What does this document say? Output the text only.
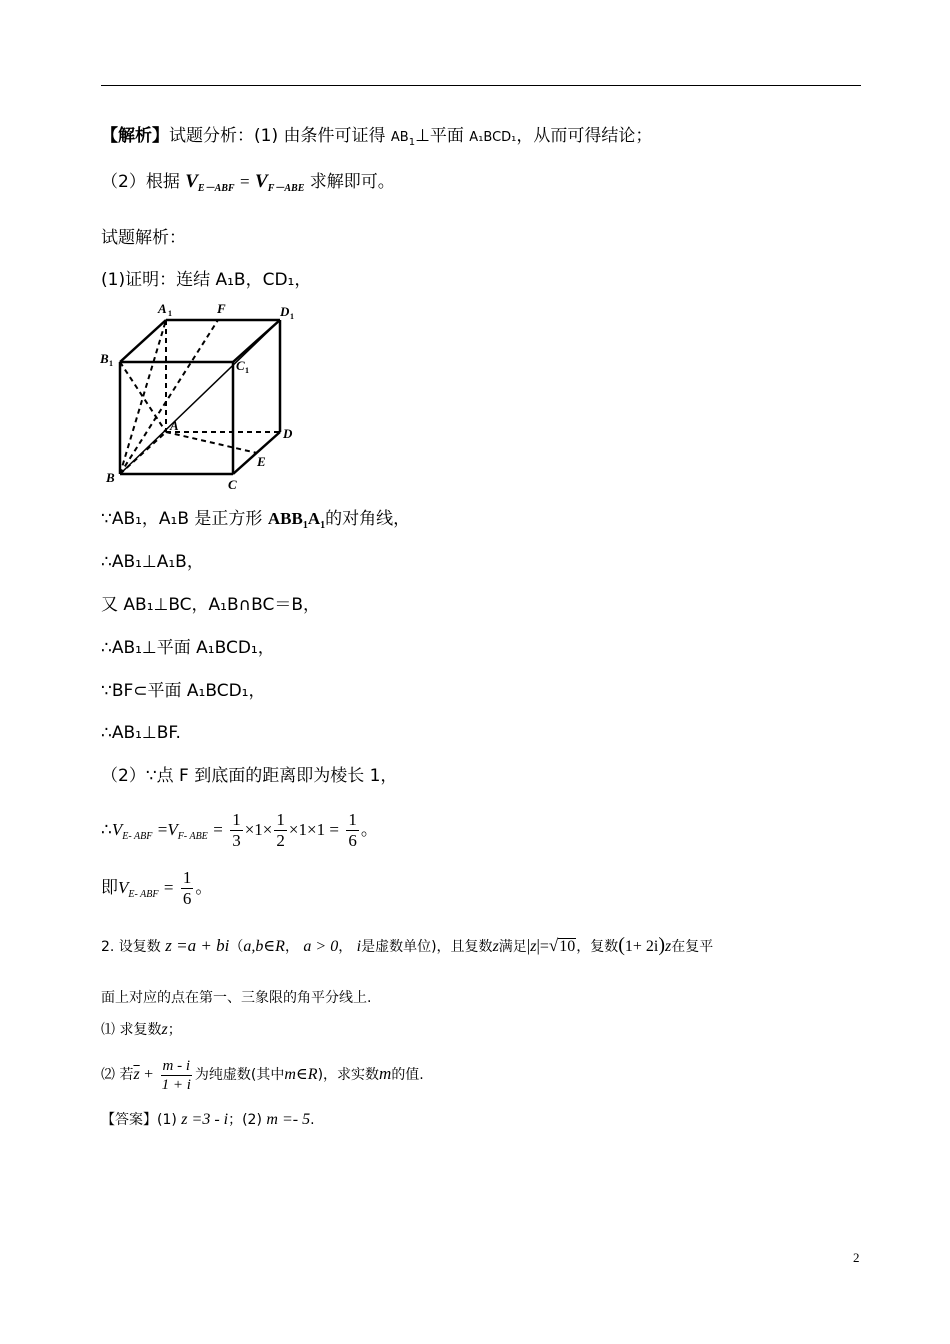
【解析】试题分析：(1) 由条件可证得 $AB_1\perp$平面 A₁BCD₁，从而可得结论；
（2）根据 $V_{E-ABF} = V_{F-ABE}$ 求解即可。
试题解析：
(1)证明：连结 A₁B，CD₁，
A 1	F	D 1
B 1	C 1
A
D
E
B	C
∵AB₁，A₁B 是正方形 $ABB_1A_1$的对角线，
∴AB₁⊥A₁B，
又 AB₁⊥BC，A₁B∩BC＝B，
∴AB₁⊥平面 A₁BCD₁，
∵BF⊂平面 A₁BCD₁，
∴AB₁⊥BF.
（2）∵点 F 到底面的距离即为棱长 1，
$\therefore V_{E- ABF} =V_{F- ABE} = \frac{1}{3} \times 1\times \frac{1}{2} \times 1\times 1 = \frac{1}{6}$ 。
即$V_{E- ABF} = \frac{1}{6}$ 。
2. 设复数 z =a + bi（a,b∈R， a > 0， i是虚数单位)，且复数z满足|z|=√10，复数(1+ 2i)z在复平
面上对应的点在第一、三象限的角平分线上.
⑴ 求复数z；
⑵ 若$\overline{z} + \frac{m - i}{1 + i}$ 为纯虚数(其中m∈R)，求实数m的值.
【答案】(1) z =3 - i；(2) m =- 5.
2
